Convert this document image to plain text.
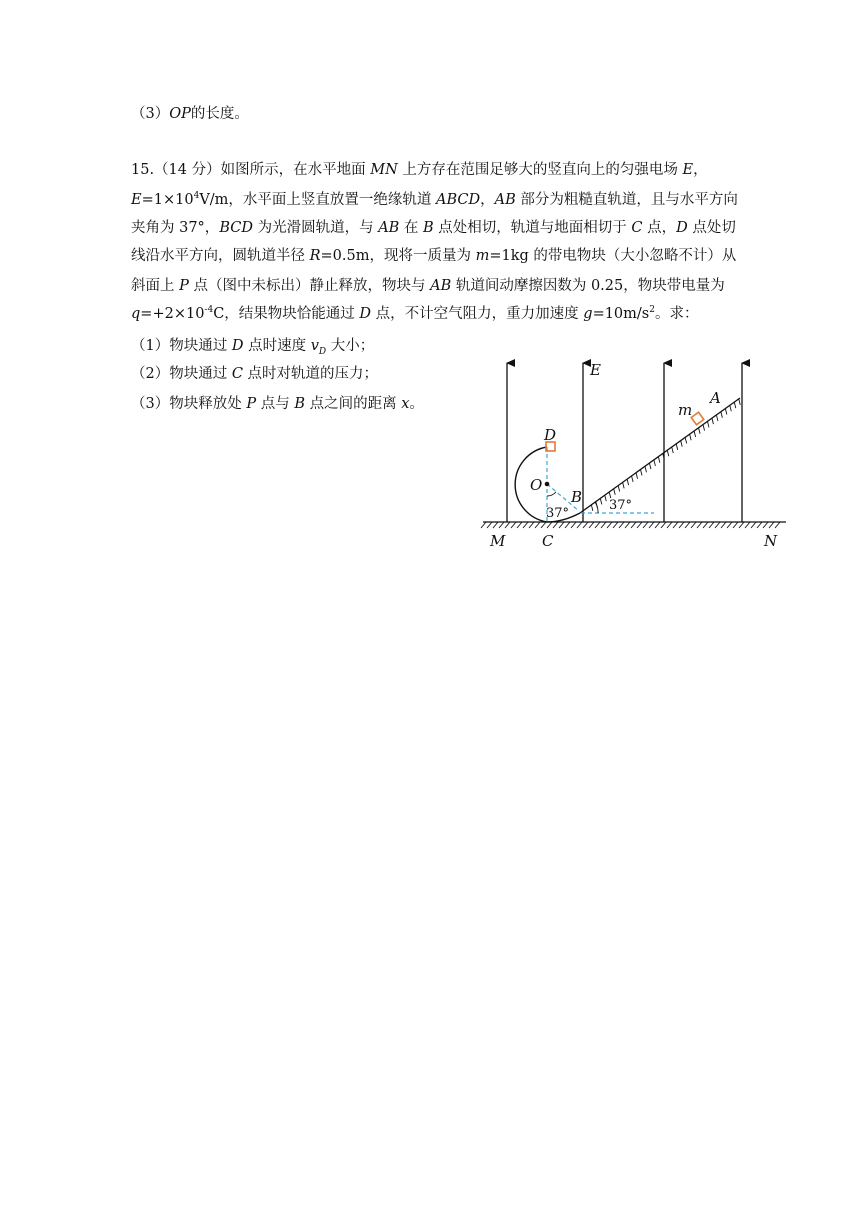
（3）OP的长度。
15.（14 分）如图所示，在水平地面 MN 上方存在范围足够大的竖直向上的匀强电场 E，
$E=1\times 10^4V/m$，水平面上竖直放置一绝缘轨道 ABCD，AB 部分为粗糙直轨道，且与水平方向
夹角为 37°，BCD 为光滑圆轨道，与 AB 在 B 点处相切，轨道与地面相切于 C 点，D 点处切
线沿水平方向，圆轨道半径 R=0.5m，现将一质量为 m=1kg 的带电物块（大小忽略不计）从
斜面上 P 点（图中未标出）静止释放，物块与 AB 轨道间动摩擦因数为 0.25，物块带电量为
$q=+2\times 10^{-4}C$，结果物块恰能通过 D 点，不计空气阻力，重力加速度 $g=10m/s^2$。求：
（1）物块通过 D 点时速度 $v_D$ 大小；
（2）物块通过 C 点时对轨道的压力；
（3）物块释放处 P 点与 B 点之间的距离 x。
E
m
A
D
O
B
37°
37°
M C	N
